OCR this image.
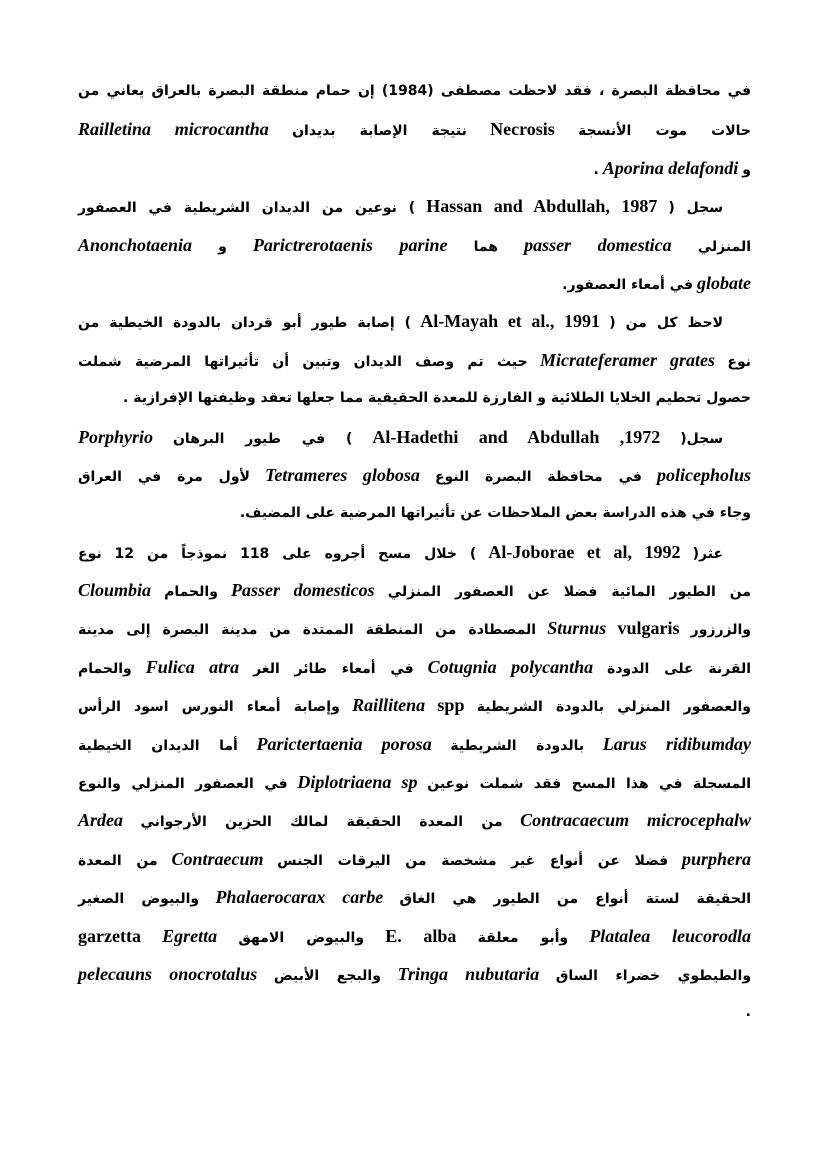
في محافظة البصرة ، فقد لاحظت مصطفى (1984) إن حمام منطقة البصرة بالعراق يعاني من
حالات موت الأنسجة Necrosis نتيجة الإصابة بديدان Railletina microcantha
و Aporina delafondi .
سجل ( Hassan and Abdullah, 1987 ) نوعين من الديدان الشريطية في العصفور
المنزلي passer domestica هما Parictrerotaenis parine و Anonchotaenia
globate في أمعاء العصفور.
لاحظ كل من ( Al-Mayah et al., 1991 ) إصابة طيور أبو قردان بالدودة الخيطية من
نوع Micrateferamer grates حيث تم وصف الديدان وتبين أن تأثيراتها المرضية شملت
حصول تحطيم الخلايا الطلائية و الفارزة للمعدة الحقيقية مما جعلها تعقد وظيفتها الإفرازية .
سجل( Al-Hadethi and Abdullah ,1972 ) في طيور البرهان Porphyrio
policepholus في محافظة البصرة النوع Tetrameres globosa لأول مرة في العراق
وجاء في هذه الدراسة بعض الملاحظات عن تأثيراتها المرضية على المضيف.
عثر( Al-Joborae et al, 1992 ) خلال مسح أجروه على 118 نموذجاً من 12 نوع
من الطيور المائية فضلا عن العصفور المنزلي Passer domesticos والحمام Cloumbia
والزرزور vulgaris Sturnus المصطادة من المنطقة الممتدة من مدينة البصرة إلى مدينة
القرنة على الدودة Cotugnia polycantha في أمعاء طائر الغر Fulica atra والحمام
والعصفور المنزلي بالدودة الشريطية spp Raillitena وإصابة أمعاء النورس اسود الرأس
Larus ridibumday بالدودة الشريطية Parictertaenia porosa أما الديدان الخيطية
المسجلة في هذا المسح فقد شملت نوعين Diplotriaena sp في العصفور المنزلي والنوع
Contracaecum microcephalw من المعدة الحقيقة لمالك الحزين الأرجواني Ardea
purphera فضلا عن أنواع غير مشخصة من اليرقات الجنس Contraecum من المعدة
الحقيقة لستة أنواع من الطيور هي الغاق Phalaerocarax carbe والبيوض الصغير
Platalea leucorodla وأبو معلقة E. alba والبيوض الامهق Egretta garzetta
والطيطوي خضراء الساق Tringa nubutaria والبجع الأبيض pelecauns onocrotalus
.
